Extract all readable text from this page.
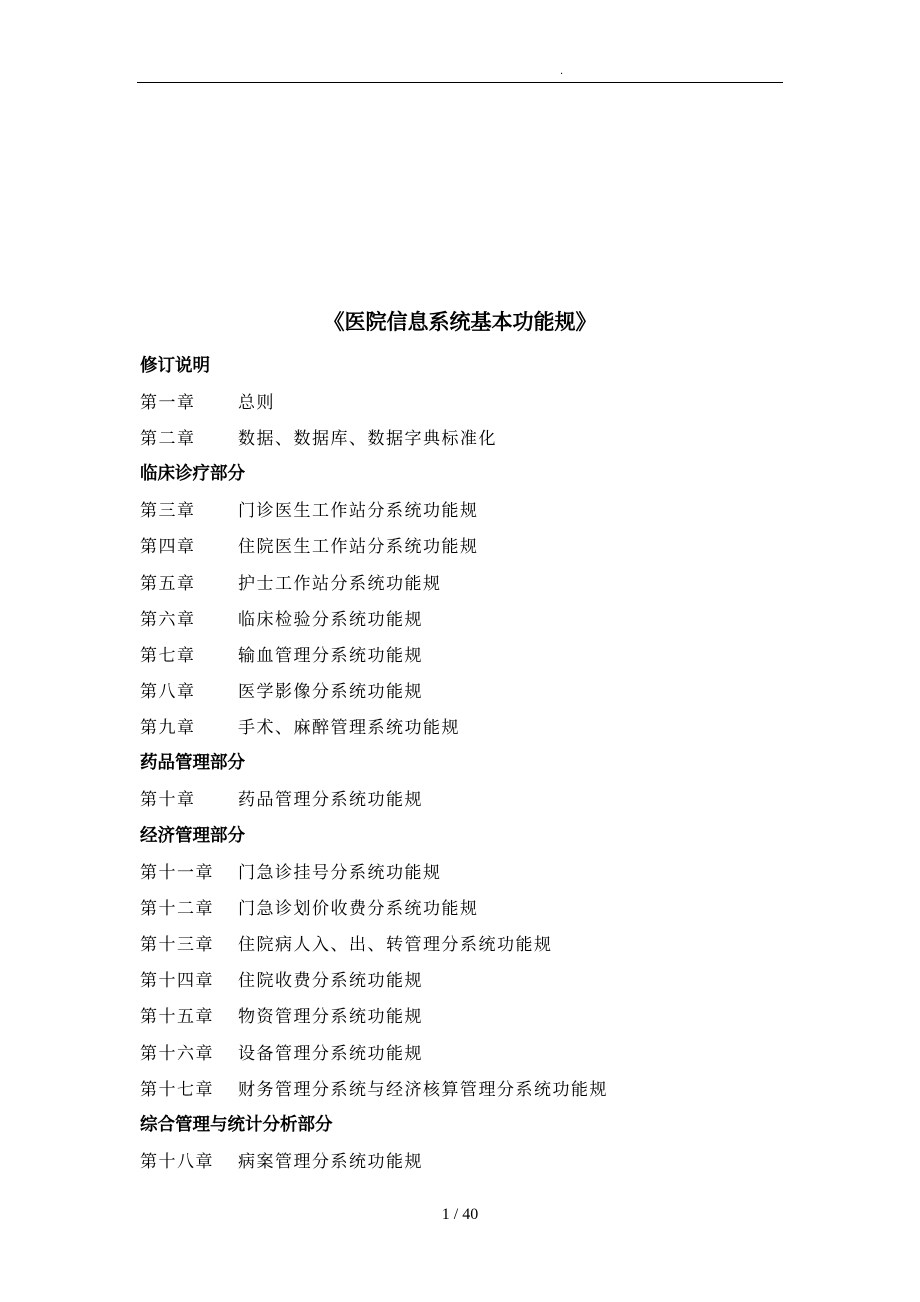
.
《医院信息系统基本功能规》
修订说明
第一章	总则
第二章	数据、数据库、数据字典标准化
临床诊疗部分
第三章	门诊医生工作站分系统功能规
第四章	住院医生工作站分系统功能规
第五章	护士工作站分系统功能规
第六章	临床检验分系统功能规
第七章	输血管理分系统功能规
第八章	医学影像分系统功能规
第九章	手术、麻醉管理系统功能规
药品管理部分
第十章	药品管理分系统功能规
经济管理部分
第十一章	门急诊挂号分系统功能规
第十二章	门急诊划价收费分系统功能规
第十三章	住院病人入、出、转管理分系统功能规
第十四章	住院收费分系统功能规
第十五章	物资管理分系统功能规
第十六章	设备管理分系统功能规
第十七章	财务管理分系统与经济核算管理分系统功能规
综合管理与统计分析部分
第十八章	病案管理分系统功能规
1 / 40
